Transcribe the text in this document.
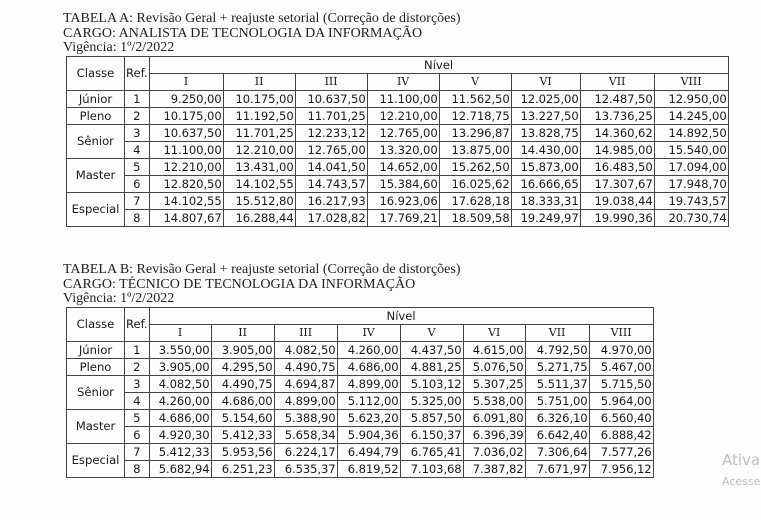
TABELA A: Revisão Geral + reajuste setorial (Correção de distorções)
CARGO: ANALISTA DE TECNOLOGIA DA INFORMAÇÃO
Vigência: 1º/2/2022
Classe	Ref.	Nível							
		I	II	III	IV	V	VI	VII	VIII
Júnior	1	9.250,00	10.175,00	10.637,50	11.100,00	11.562,50	12.025,00	12.487,50	12.950,00
Pleno	2	10.175,00	11.192,50	11.701,25	12.210,00	12.718,75	13.227,50	13.736,25	14.245,00
Sênior	3	10.637,50	11.701,25	12.233,12	12.765,00	13.296,87	13.828,75	14.360,62	14.892,50
	4	11.100,00	12.210,00	12.765,00	13.320,00	13.875,00	14.430,00	14.985,00	15.540,00
Master	5	12.210,00	13.431,00	14.041,50	14.652,00	15.262,50	15.873,00	16.483,50	17.094,00
	6	12.820,50	14.102,55	14.743,57	15.384,60	16.025,62	16.666,65	17.307,67	17.948,70
Especial	7	14.102,55	15.512,80	16.217,93	16.923,06	17.628,18	18.333,31	19.038,44	19.743,57
	8	14.807,67	16.288,44	17.028,82	17.769,21	18.509,58	19.249,97	19.990,36	20.730,74
TABELA B: Revisão Geral + reajuste setorial (Correção de distorções)
CARGO: TÉCNICO DE TECNOLOGIA DA INFORMAÇÃO
Vigência: 1º/2/2022
Classe	Ref.	Nível							
		I	II	III	IV	V	VI	VII	VIII
Júnior	1	3.550,00	3.905,00	4.082,50	4.260,00	4.437,50	4.615,00	4.792,50	4.970,00
Pleno	2	3.905,00	4.295,50	4.490,75	4.686,00	4.881,25	5.076,50	5.271,75	5.467,00
Sênior	3	4.082,50	4.490,75	4.694,87	4.899,00	5.103,12	5.307,25	5.511,37	5.715,50
	4	4.260,00	4.686,00	4.899,00	5.112,00	5.325,00	5.538,00	5.751,00	5.964,00
Master	5	4.686,00	5.154,60	5.388,90	5.623,20	5.857,50	6.091,80	6.326,10	6.560,40
	6	4.920,30	5.412,33	5.658,34	5.904,36	6.150,37	6.396,39	6.642,40	6.888,42
Especial	7	5.412,33	5.953,56	6.224,17	6.494,79	6.765,41	7.036,02	7.306,64	7.577,26
	8	5.682,94	6.251,23	6.535,37	6.819,52	7.103,68	7.387,82	7.671,97	7.956,12	Ativa
Acesse
